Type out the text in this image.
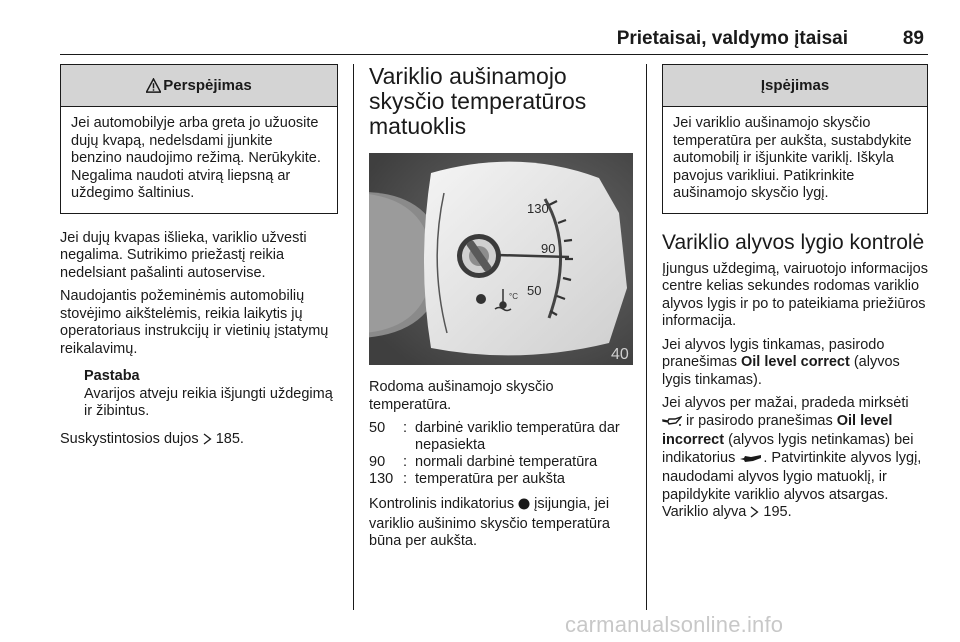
Prietaisai, valdymo įtaisai	89
Perspėjimas
Jei automobilyje arba greta jo užuosite dujų kvapą, nedelsdami įjunkite benzino naudojimo režimą. Nerūkykite. Negalima naudoti atvirą liepsną ar uždegimo šaltinius.

Jei dujų kvapas išlieka, variklio užvesti negalima. Sutrikimo priežastį reikia nedelsiant pašalinti autoservise.

Naudojantis požeminėmis automobilių stovėjimo aikštelėmis, reikia laikytis jų operatoriaus instrukcijų ir vietinių įstatymų reikalavimų.

Pastaba
Avarijos atveju reikia išjungti uždegimą ir žibintus.

Suskystintosios dujos 185.

Variklio aušinamojo skysčio temperatūros matuoklis
130
90
50
°C
40

Rodoma aušinamojo skysčio temperatūra.

50	: darbinė variklio temperatūra dar nepasiekta
90	: normali darbinė temperatūra
130 : temperatūra per aukšta

Kontrolinis indikatorius įsijungia, jei variklio aušinimo skysčio temperatūra būna per aukšta.

Įspėjimas
Jei variklio aušinamojo skysčio temperatūra per aukšta, sustabdykite automobilį ir išjunkite variklį. Iškyla pavojus varikliui. Patikrinkite aušinamojo skysčio lygį.
Variklio alyvos lygio kontrolė

Įjungus uždegimą, vairuotojo informacijos centre kelias sekundes rodomas variklio alyvos lygis ir po to pateikiama priežiūros informacija.

Jei alyvos lygis tinkamas, pasirodo pranešimas Oil level correct (alyvos lygis tinkamas).

Jei alyvos per mažai, pradeda mirksėti  ir pasirodo pranešimas Oil level incorrect (alyvos lygis netinkamas) bei indikatorius . Patvirtinkite alyvos lygį, naudodami alyvos lygio matuoklį, ir papildykite variklio alyvos atsargas. Variklio alyva 195.

carmanualsonline.info
